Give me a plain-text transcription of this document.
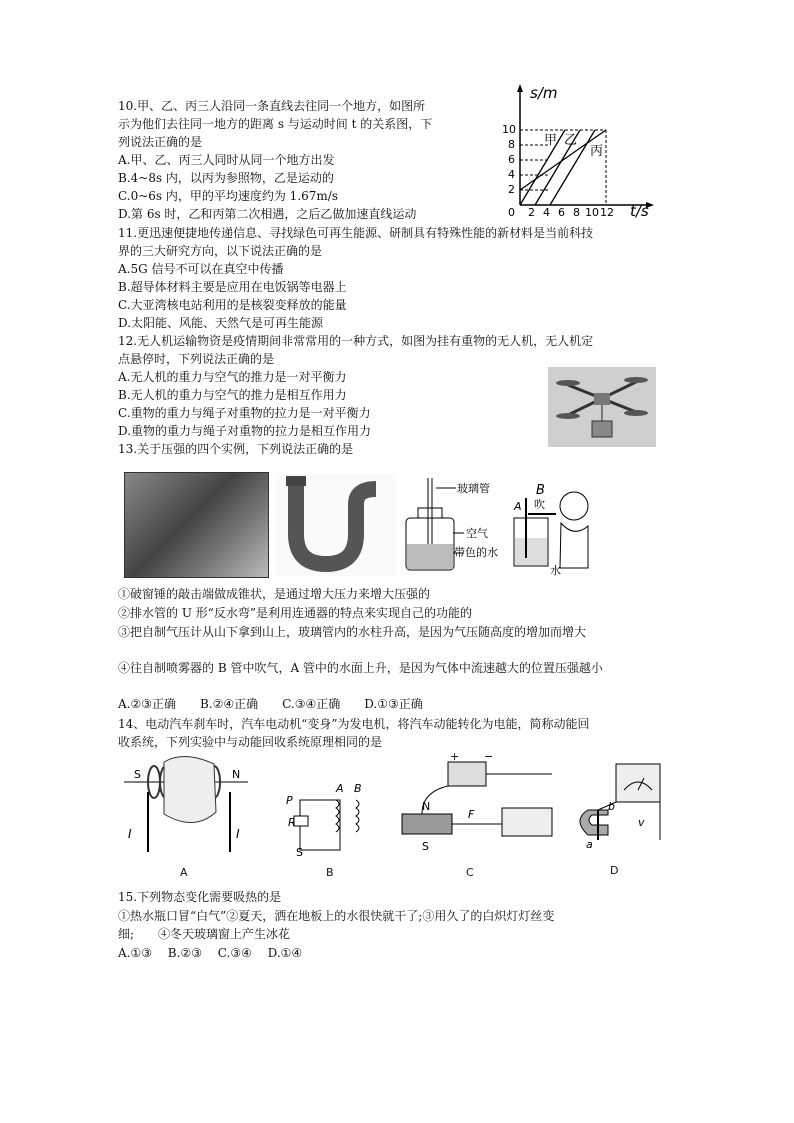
10.甲、乙、丙三人沿同一条直线去往同一个地方，如图所
示为他们去往同一地方的距离 s 与运动时间 t 的关系图，下
列说法正确的是
A.甲、乙、丙三人同时从同一个地方出发
B.4~8s 内，以丙为参照物，乙是运动的
C.0~6s 内，甲的平均速度约为 1.67m/s
D.第 6s 时，乙和丙第二次相遇，之后乙做加速直线运动
s/m
t/s
2
4
6
8
10
0 2 4 6 8 10 12
甲 乙
丙
11.更迅速便捷地传递信息、寻找绿色可再生能源、研制具有特殊性能的新材料是当前科技
界的三大研究方向，以下说法正确的是
A.5G 信号不可以在真空中传播
B.超导体材料主要是应用在电饭锅等电器上
C.大亚湾核电站利用的是核裂变释放的能量
D.太阳能、风能、天然气是可再生能源
12.无人机运输物资是疫情期间非常常用的一种方式，如图为挂有重物的无人机，无人机定
点悬停时，下列说法正确的是
A.无人机的重力与空气的推力是一对平衡力
B.无人机的重力与空气的推力是相互作用力
C.重物的重力与绳子对重物的拉力是一对平衡力
D.重物的重力与绳子对重物的拉力是相互作用力
13.关于压强的四个实例，下列说法正确的是
玻璃管
空气
带色的水
B
A 吹
水
①破窗锤的敲击端做成锥状，是通过增大压力来增大压强的
②排水管的 U 形“反水弯”是利用连通器的特点来实现自己的功能的
③把自制气压计从山下拿到山上，玻璃管内的水柱升高，是因为气压随高度的增加而增大
④往自制喷雾器的 B 管中吹气，A 管中的水面上升，是因为气体中流速越大的位置压强越小
A.②③正确　　B.②④正确　　C.③④正确　　D.①③正确
14、电动汽车刹车时，汽车电动机“变身”为发电机，将汽车动能转化为电能，简称动能回
收系统，下列实验中与动能回收系统原理相同的是
S	N
I	I
P
R
S
A B
+ −
N
S
F
a
b
v
A	B	C	D
15.下列物态变化需要吸热的是
①热水瓶口冒“白气”②夏天，洒在地板上的水很快就干了;③用久了的白炽灯灯丝变
细;　　④冬天玻璃窗上产生冰花
A.①③　 B.②③　 C.③④　 D.①④
